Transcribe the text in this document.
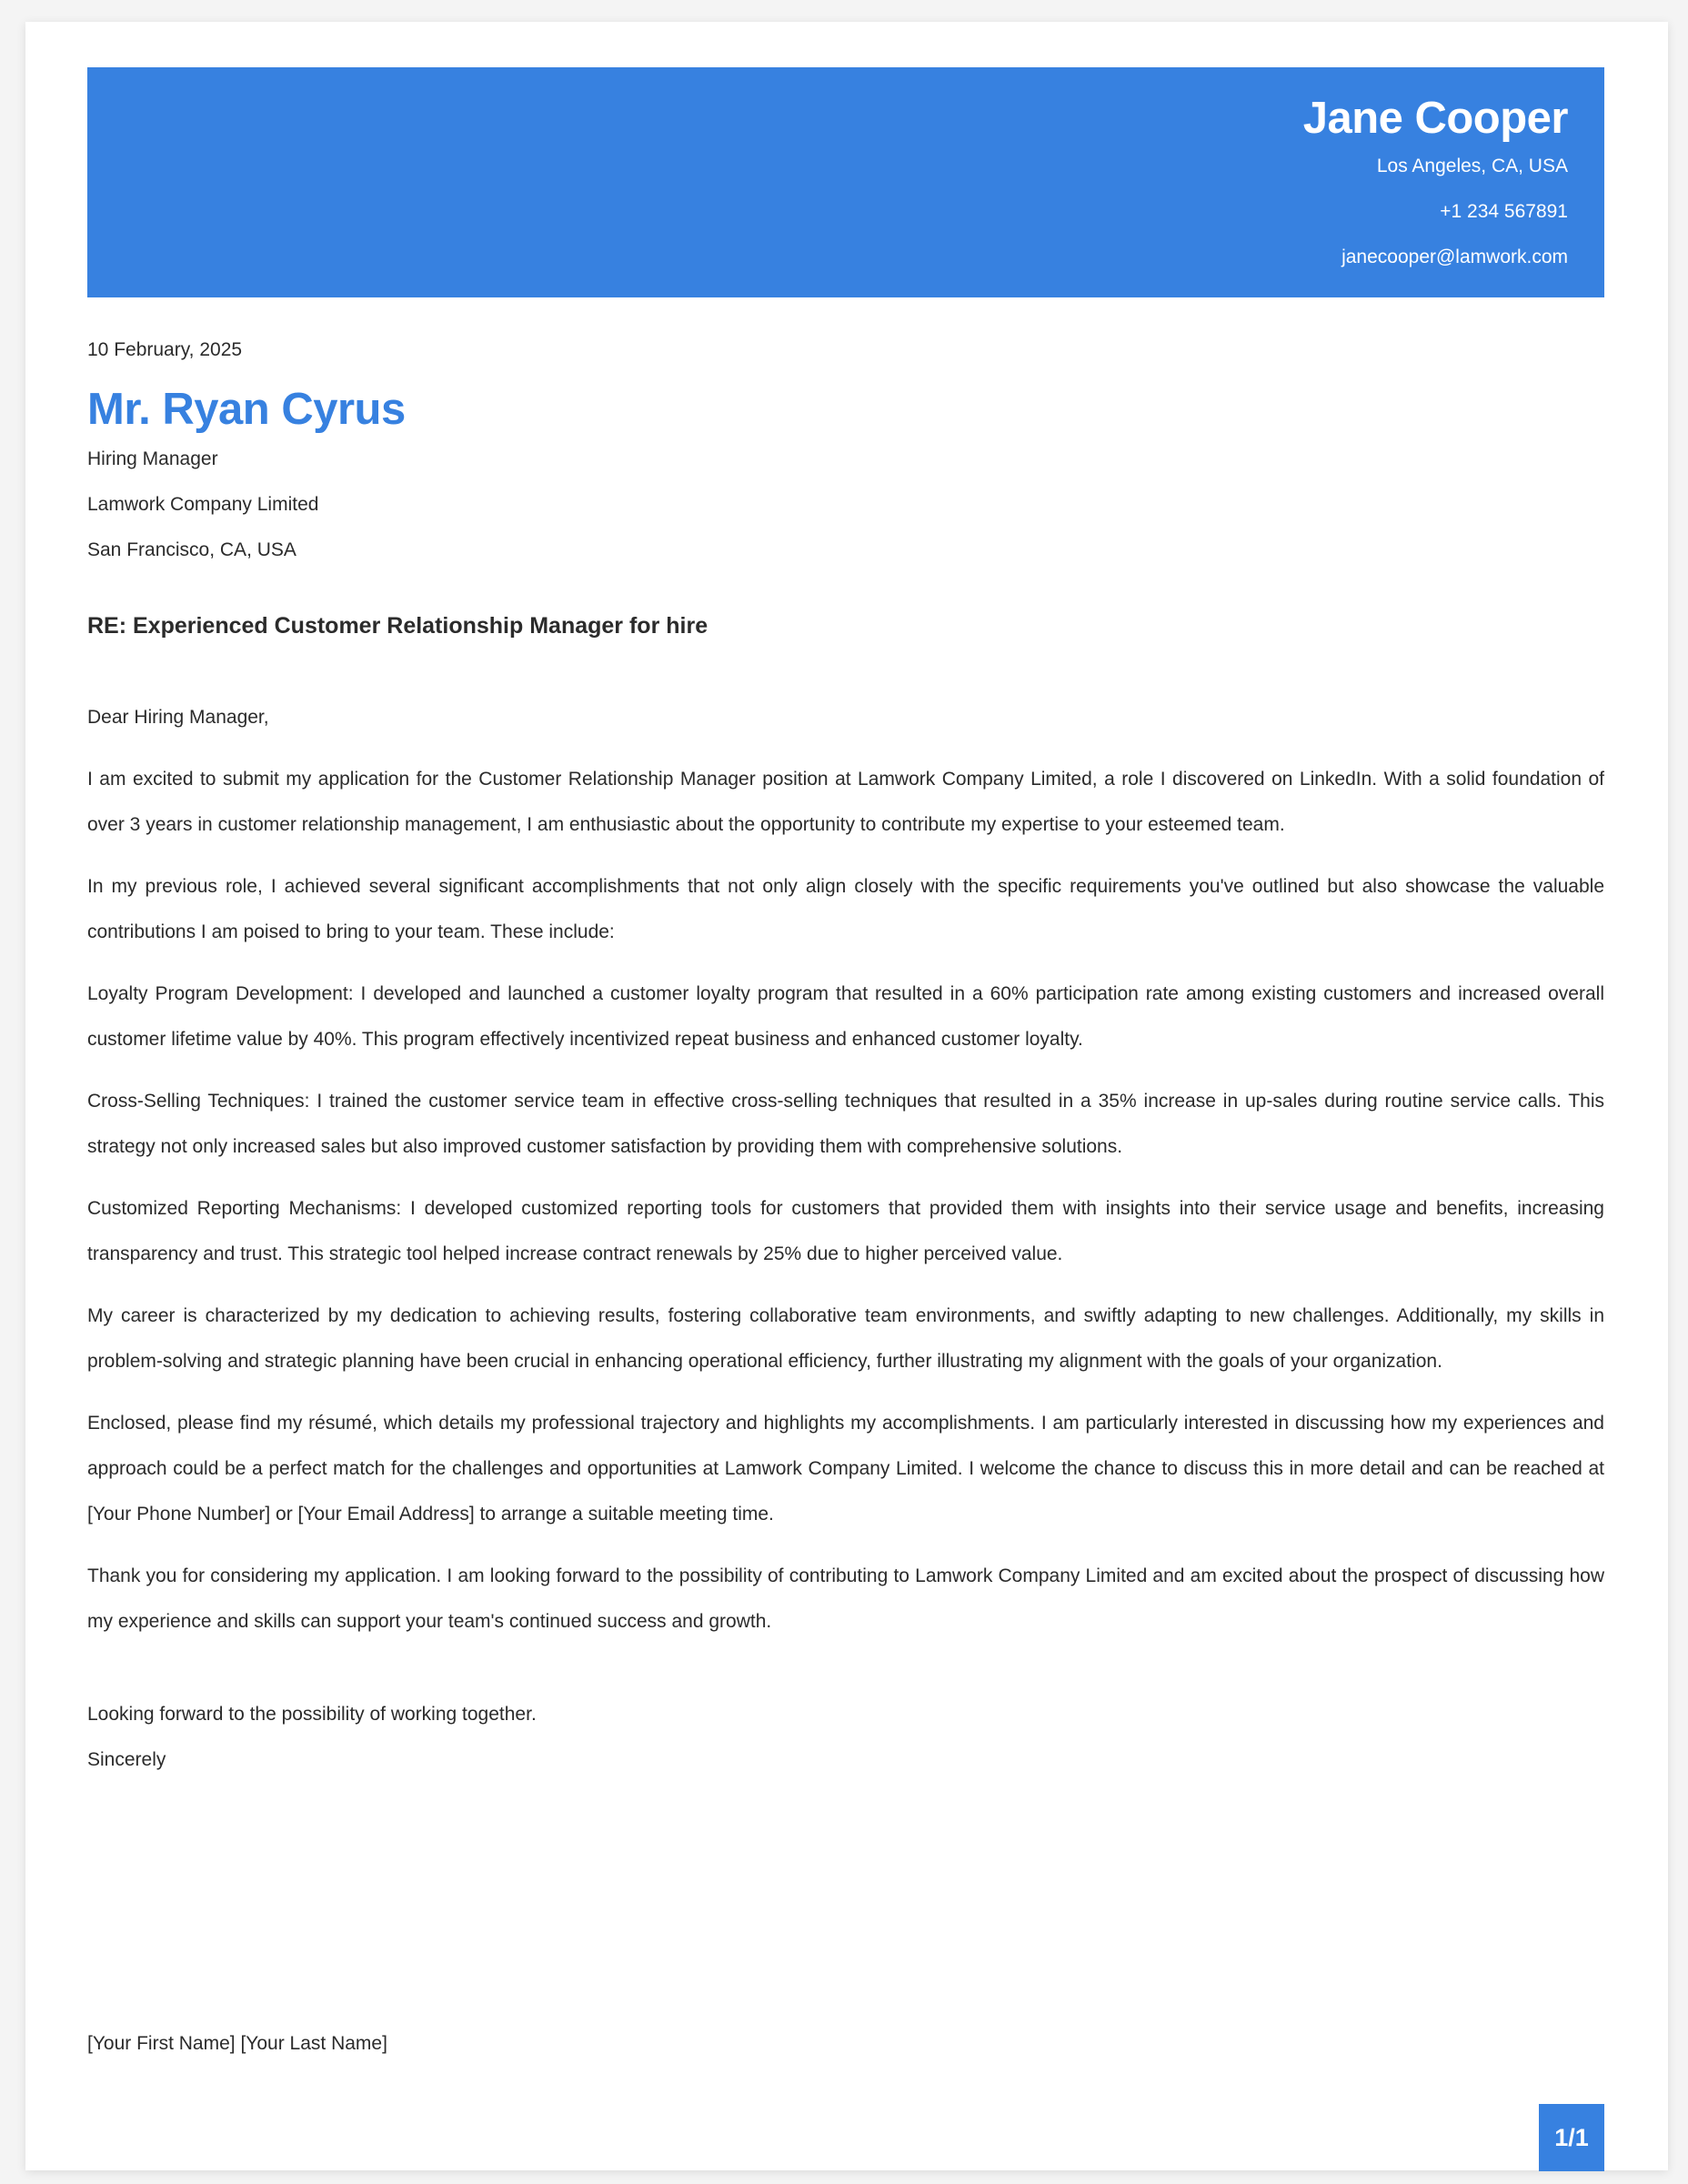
Jane Cooper
Los Angeles, CA, USA
+1 234 567891
janecooper@lamwork.com
10 February, 2025
Mr. Ryan Cyrus
Hiring Manager
Lamwork Company Limited
San Francisco, CA, USA
RE: Experienced Customer Relationship Manager for hire
Dear Hiring Manager,
I am excited to submit my application for the Customer Relationship Manager position at Lamwork Company Limited, a role I discovered on LinkedIn. With a solid foundation of over 3 years in customer relationship management, I am enthusiastic about the opportunity to contribute my expertise to your esteemed team.
In my previous role, I achieved several significant accomplishments that not only align closely with the specific requirements you've outlined but also showcase the valuable contributions I am poised to bring to your team. These include:
Loyalty Program Development: I developed and launched a customer loyalty program that resulted in a 60% participation rate among existing customers and increased overall customer lifetime value by 40%. This program effectively incentivized repeat business and enhanced customer loyalty.
Cross-Selling Techniques: I trained the customer service team in effective cross-selling techniques that resulted in a 35% increase in up-sales during routine service calls. This strategy not only increased sales but also improved customer satisfaction by providing them with comprehensive solutions.
Customized Reporting Mechanisms: I developed customized reporting tools for customers that provided them with insights into their service usage and benefits, increasing transparency and trust. This strategic tool helped increase contract renewals by 25% due to higher perceived value.
My career is characterized by my dedication to achieving results, fostering collaborative team environments, and swiftly adapting to new challenges. Additionally, my skills in problem-solving and strategic planning have been crucial in enhancing operational efficiency, further illustrating my alignment with the goals of your organization.
Enclosed, please find my résumé, which details my professional trajectory and highlights my accomplishments. I am particularly interested in discussing how my experiences and approach could be a perfect match for the challenges and opportunities at Lamwork Company Limited. I welcome the chance to discuss this in more detail and can be reached at [Your Phone Number] or [Your Email Address] to arrange a suitable meeting time.
Thank you for considering my application. I am looking forward to the possibility of contributing to Lamwork Company Limited and am excited about the prospect of discussing how my experience and skills can support your team's continued success and growth.
Looking forward to the possibility of working together.
Sincerely
[Your First Name] [Your Last Name]
1/1
